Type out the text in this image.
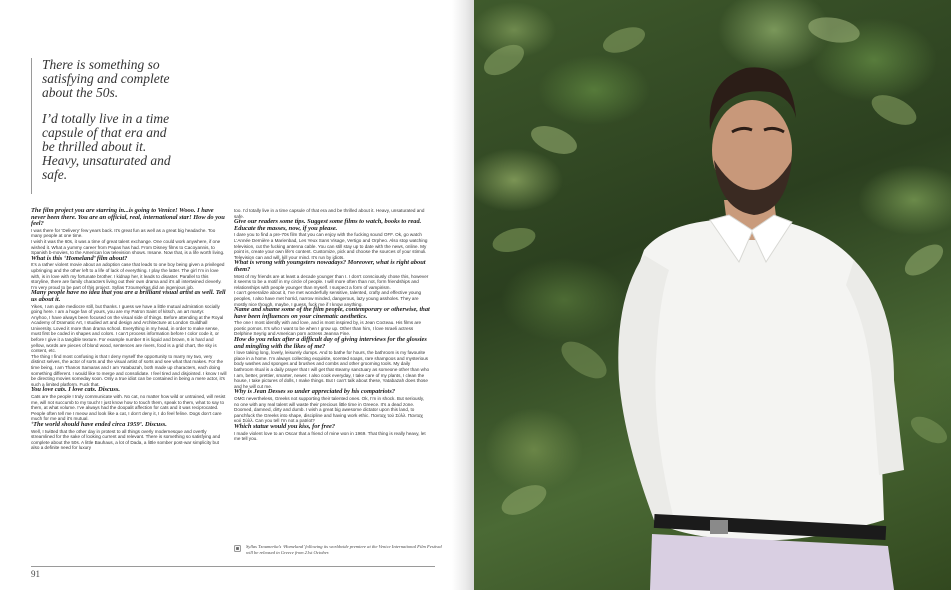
There is something so satisfying and complete about the 50s.

I’d totally live in a time capsule of that era and be thrilled about it. Heavy, unsaturated and safe.

The film project you are starring in...is going to Venice! Wooo. I have never been there. You are an official, real, international star! How do you feel?

I was there for ‘Delivery’ few years back. It’s great fun as well as a great big headache. Too many people at one time.

I wish it was the 60s, it was a time of great talent exchange. One could work anywhere, if one wished it. What a yummy career from Papas has had. From Disney films to Cacoyannis, to Spanish b-movies, to the American low television shows. Insane. Now that, is a life worth living.

What is this ‘Homeland’ film about?

It’s a rather violent movie about an adoption case that leads to one boy being given a privileged upbringing and the other left to a life of lack of everything. I play the latter. The girl I’m in love with, is in love with my fortunate brother. I kidnap her, it leads to disaster. Parallel to this storyline, there are family characters living out their own drama and it’s all intertwined cleverly. I’m very proud to be part of this project. Syllas Tzoumerkas did an ingenious job.

Many people have no idea that you are a brilliant visual artist as well. Tell us about it.

Yikes, I am quite mediocre still, but thanks. I guess we have a little mutual admiration socially going here. I am a huge fan of yours, you are my Patron Saint of kitsch, an art martyr.

Anyhoo, I have always been focused on the visual side of things. Before attending at the Royal Academy of Dramatic Art, I studied art and design and Architecture at London Guildhall University. Loved it more than drama school. Everything in my head, in order to make sense, must first be coded in shapes and colors. I can’t process information before I color code it, or before I give it a tangible texture. For example number 8 is liquid and brown, 6 is hard and yellow, words are pieces of blond wood, sentences are rivers, food is a grid chart, the sky is content, etc.

The thing I find most confusing is that I deny myself the opportunity to marry my two, very distinct selves, the actor of sorts and the visual artist of sorts and see what that makes. For the time being, I am Thanos Samaras and I am Yatabazah, both made up characters, each doing something different. I would like to merge and consolidate. I feel tired and disjointed. I know I will be directing movies someday soon. Only a true idiot can be contained in being a mere actor, it’s such a limited platform. Fuck that.

You love cats. I love cats. Discuss.

Cats are the people I truly communicate with. No cat, no matter how wild or untrained, will resist me, will not succumb to my touch! I just know how to touch them, speak to them, what to say to them, at what volume. I’ve always had the doopalit affection for cats and it was reciprocated. People often tell me I meow and look like a cat, I don’t deny it, I do feel feline. Dogs don’t care much for me and it’s mutual.

‘The world should have ended circa 1959’. Discuss.

Well, I twitted that the other day in protest to all things overly modernesque and overtly streamlined for the sake of looking current and relevant. There is something so satisfying and complete about the 50s. A little Bauhaus, a lot of Dada, a little somber post-war simplicity but also a definite need for luxury

too. I’d totally live in a time capsule of that era and be thrilled about it. Heavy, unsaturated and safe.

Give our readers some tips. Suggest some films to watch, books to read. Educate the masses, now, if you please.

I dare you to find a pre-70s film that you can enjoy with the fucking sound OFF. Ok, go watch L’Année Dernière a Marienbad, Les Yeux Sans Visage, Vertigo and Orpheo. Also stop watching television, cut the fucking antenna cable. You can still stay up to date with the news, online. My point is, create your own life’s content. Customize, pick and choose the sources of your stimuli. Television can and will, kill your mind. It’s run by idiots.

What is wrong with youngsters nowadays? Moreover, what is right about them?

Most of my friends are at least a decade younger than I. I don’t consciously chose this, however it seems to be a motif in my circle of people. I will more often than not, form friendships and relationships with people younger than myself. I suspect a form of vampirism.

I can’t generalize about it, I’ve met wonderfully sensitive, talented, crafty and effective young peoples, I also have met horrid, narrow minded, dangerous, lazy young assholes. They are mostly nice though, maybe, I guess, fuck me if I know anything.

Name and shame some of the film people, contemporary or otherwise, that have been influences on your cinematic aesthetics.

The one I most identify with and love, and is most inspired by, is Jean Cocteau. His films are poetic pornos. It’s who I want to be when I grow up. Other than him, I love Israeli actress Delphine Seyrig and American porn actress Jeanna Fine.

How do you relax after a difficult day of giving interviews for the glossies and mingling with the likes of me?

I love taking long, lovely, leisurely dumps. And to bathe for hours, the bathroom is my favourite place in a home. I’m always collecting exquisite, scented soaps, rare shampoos and mysterious body washes and sponges and brushes and combs and other grooming tools. My daily bathroom ritual is a daily prayer that I will get that steamy sanctuary as someone other than who I am, better, prettier, smarter, newer. I also cook everyday, I take care of my plants, I clean the house, I take pictures of dolls, I make things. But I can’t talk about these, Yatabazah does those and he will cut me.

Why is Jean Desses so under appreciated by his compatriots?

OMG nevertheless, Greeks not supporting their talented ones. Ok, I’m in shock. But seriously, no one with any real talent will waste their precious little time in Greece. It’s a dead zone. Doomed, damned, dirty and dumb. I wish a great big awesome dictator upon this land, to panchfuck the Greeks into shape, discipline and having work ethic. Πανταχ τού Σύλλ. Πανταχ κού Σύλλ. Can you tell I’m not a patriot?

Which statue would you kiss, for free?

I made violent love to an Oscar that a friend of mine won in 1969. That thing is really heavy, let me tell you.

Syllas Tzoumerka’s ‘Homeland’ following its worldwide premiere at the Venice International Film Festival will be released in Greece from 21st October.
91
